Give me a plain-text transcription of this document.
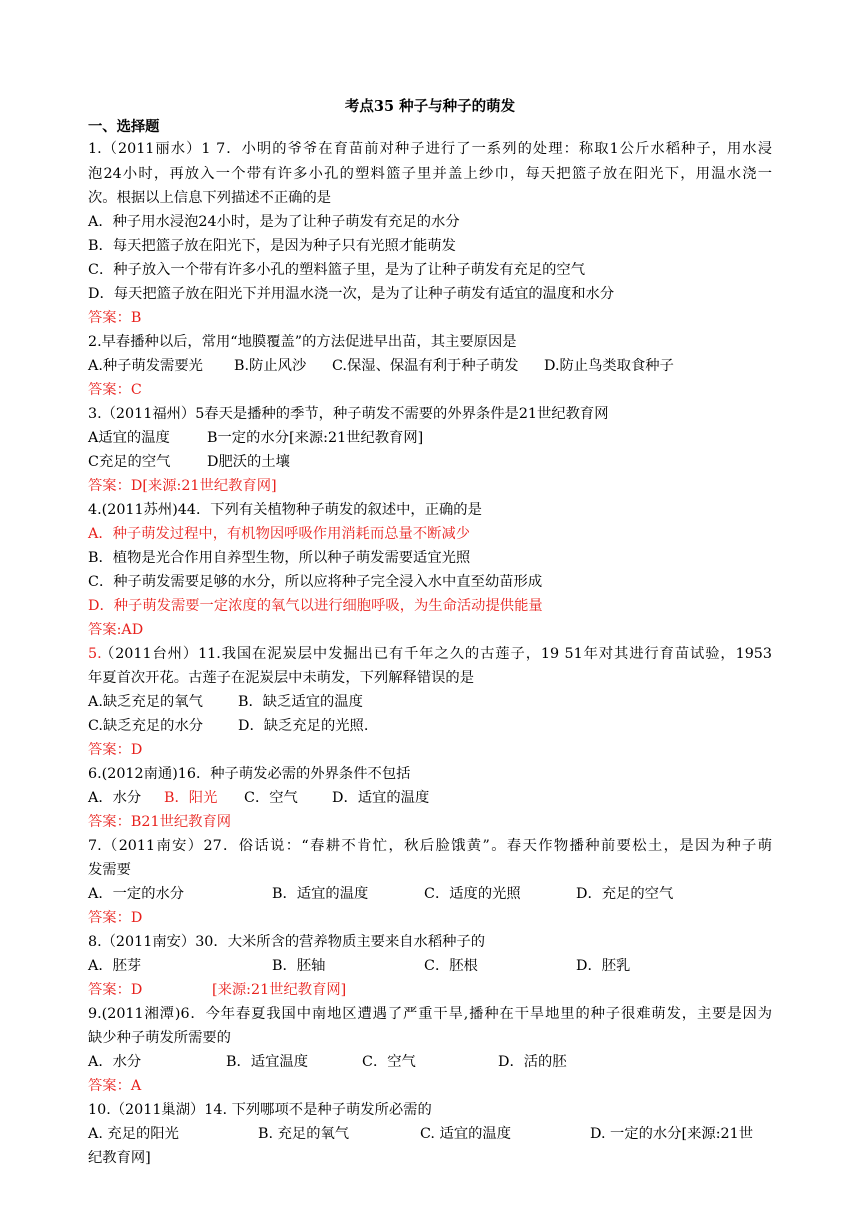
考点35 种子与种子的萌发
一、选择题
1.（2011丽水）1 7．小明的爷爷在育苗前对种子进行了一系列的处理：称取1公斤水稻种子，用水浸
泡24小时，再放入一个带有许多小孔的塑料篮子里并盖上纱巾，每天把篮子放在阳光下，用温水浇一
次。根据以上信息下列描述不正确的是
A．种子用水浸泡24小时，是为了让种子萌发有充足的水分
B．每天把篮子放在阳光下，是因为种子只有光照才能萌发
C．种子放入一个带有许多小孔的塑料篮子里，是为了让种子萌发有充足的空气
D．每天把篮子放在阳光下并用温水浇一次，是为了让种子萌发有适宜的温度和水分
答案：B
2.早春播种以后，常用“地膜覆盖”的方法促进早出苗，其主要原因是
A.种子萌发需要光 B.防止风沙 C.保湿、保温有利于种子萌发 D.防止鸟类取食种子
答案：C
3.（2011福州）5春天是播种的季节，种子萌发不需要的外界条件是21世纪教育网
A适宜的温度	B一定的水分[来源:21世纪教育网]
C充足的空气	D肥沃的土壤
答案：D[来源:21世纪教育网]
4.(2011苏州)44．下列有关植物种子萌发的叙述中，正确的是
A．种子萌发过程中，有机物因呼吸作用消耗而总量不断减少
B．植物是光合作用自养型生物，所以种子萌发需要适宜光照
C．种子萌发需要足够的水分，所以应将种子完全浸入水中直至幼苗形成
D．种子萌发需要一定浓度的氧气以进行细胞呼吸，为生命活动提供能量
答案:AD
5.
（2011台州）11.我国在泥炭层中发掘出已有千年之久的古莲子，19 51年对其进行育苗试验，1953
年夏首次开花。古莲子在泥炭层中未萌发，下列解释错误的是
A.缺乏充足的氧气 B．缺乏适宜的温度
C.缺乏充足的水分 D．缺乏充足的光照.
答案：D
6.(2012南通)16．种子萌发必需的外界条件不包括
A．水分 B．阳光 C．空气 D．适宜的温度
答案：B21世纪教育网
7.（2011南安）27．俗话说：“春耕不肯忙，秋后脸饿黄”。春天作物播种前要松土，是因为种子萌
发需要
A．一定的水分	B．适宜的温度	C．适度的光照	D．充足的空气
答案：D
8.（2011南安）30．大米所含的营养物质主要来自水稻种子的
A．胚芽	B．胚轴	C．胚根	D．胚乳
答案：D	[来源:21世纪教育网]
9.(2011湘潭)6．今年春夏我国中南地区遭遇了严重干旱,播种在干旱地里的种子很难萌发，主要是因为
缺少种子萌发所需要的
A．水分	B．适宜温度	C．空气	D．活的胚
答案：A
10.（2011巢湖）14. 下列哪项不是种子萌发所必需的
A. 充足的阳光	B. 充足的氧气	C. 适宜的温度	D. 一定的水分[来源:21世
纪教育网]
